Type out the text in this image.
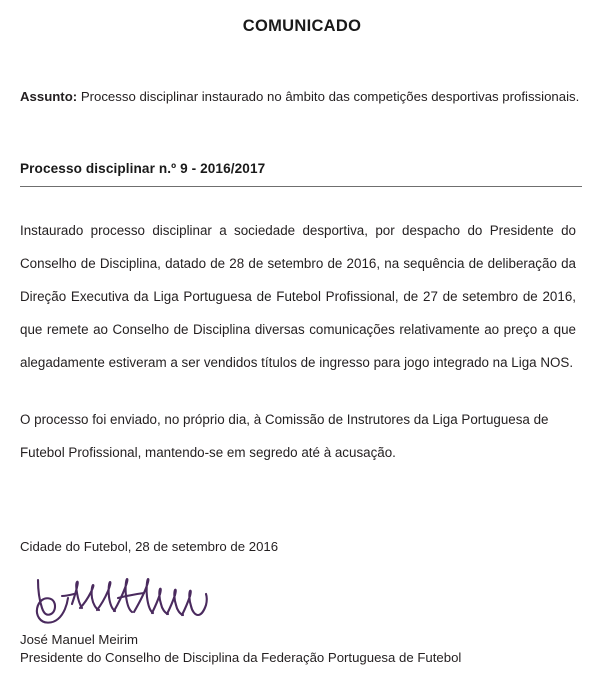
COMUNICADO
Assunto: Processo disciplinar instaurado no âmbito das competições desportivas profissionais.
Processo disciplinar n.º 9 - 2016/2017

Instaurado processo disciplinar a sociedade desportiva, por despacho do Presidente do Conselho de Disciplina, datado de 28 de setembro de 2016, na sequência de deliberação da Direção Executiva da Liga Portuguesa de Futebol Profissional, de 27 de setembro de 2016, que remete ao Conselho de Disciplina diversas comunicações relativamente ao preço a que alegadamente estiveram a ser vendidos títulos de ingresso para jogo integrado na Liga NOS.

O processo foi enviado, no próprio dia, à Comissão de Instrutores da Liga Portuguesa de Futebol Profissional, mantendo-se em segredo até à acusação.

Cidade do Futebol, 28 de setembro de 2016
José Manuel Meirim
Presidente do Conselho de Disciplina da Federação Portuguesa de Futebol
